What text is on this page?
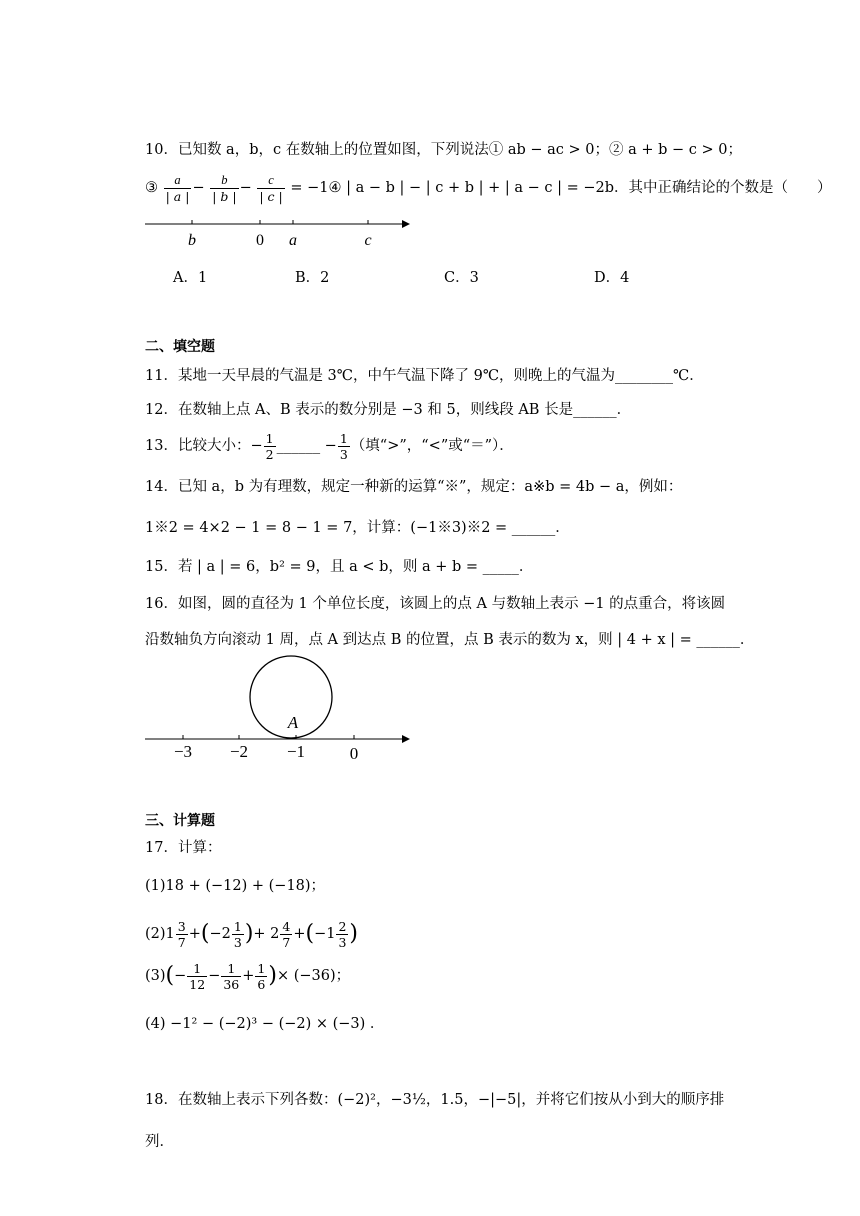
10．已知数 a，b，c 在数轴上的位置如图，下列说法① ab − ac > 0；② a + b − c > 0；
③ $\frac{a}{| a |} - \frac{b}{| b |} - \frac{c}{| c |}$ = −1④ | a − b | − | c + b | + | a − c | = −2b．其中正确结论的个数是（　　）
b	0 a	c
A．1	B．2	C．3	D．4
二、填空题
11．某地一天早晨的气温是 3℃，中午气温下降了 9℃，则晚上的气温为________℃．
12．在数轴上点 A、B 表示的数分别是 −3 和 5，则线段 AB 长是______．
13．比较大小：− $\frac{1}{2}$ ______ − $\frac{1}{3}$ （填“>”，“<”或“＝”）．
14．已知 a，b 为有理数，规定一种新的运算“※”，规定：a※b = 4b − a，例如：
1※2 = 4×2 − 1 = 8 − 1 = 7，计算：(−1※3)※2 = ______．
15．若 | a | = 6，b² = 9，且 a < b，则 a + b = _____．
16．如图，圆的直径为 1 个单位长度，该圆上的点 A 与数轴上表示 −1 的点重合，将该圆
沿数轴负方向滚动 1 周，点 A 到达点 B 的位置，点 B 表示的数为 x，则 | 4 + x | = ______．
A
−3 −2 −1	0
三、计算题
17．计算：
(1)18 + (−12) + (−18)；
$(2)1 \frac{3}{7} +(-2 \frac{1}{3}$ )+ $2 \frac{4}{7} +(-1 \frac{2}{3}$ )
$(3)(- \frac{1}{12} - \frac{1}{36} + \frac{1}{6}$ )× (−36)；
(4) −1² − (−2)³ − (−2) × (−3) ．
18．在数轴上表示下列各数：(−2)²，−3½，1.5，−|−5|，并将它们按从小到大的顺序排
列．
